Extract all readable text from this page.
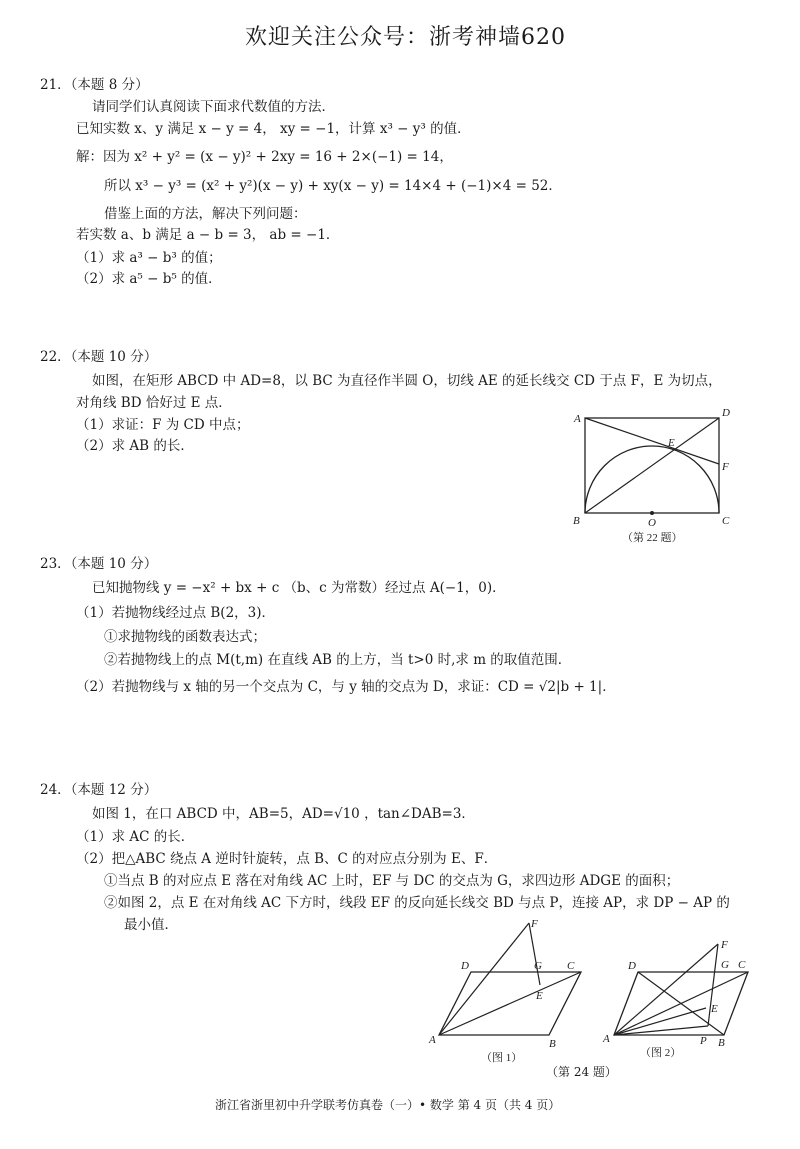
欢迎关注公众号：浙考神墙620
21．（本题 8 分）
请同学们认真阅读下面求代数值的方法．
已知实数 x、y 满足 x − y = 4， xy = −1，计算 x³ − y³ 的值．
解：因为 x² + y² = (x − y)² + 2xy = 16 + 2×(−1) = 14，
所以 x³ − y³ = (x² + y²)(x − y) + xy(x − y) = 14×4 + (−1)×4 = 52．
借鉴上面的方法，解决下列问题：
若实数 a、b 满足 a − b = 3， ab = −1．
（1）求 a³ − b³ 的值；
（2）求 a⁵ − b⁵ 的值．
22．（本题 10 分）
如图，在矩形 ABCD 中 AD=8，以 BC 为直径作半圆 O，切线 AE 的延长线交 CD 于点 F，E 为切点，
对角线 BD 恰好过 E 点．
（1）求证：F 为 CD 中点；
（2）求 AB 的长．
A	D
E
F
B	O	C
（第 22 题）
23．（本题 10 分）
已知抛物线 y = −x² + bx + c （b、c 为常数）经过点 A(−1，0)．
（1）若抛物线经过点 B(2，3)．
①求抛物线的函数表达式；
②若抛物线上的点 M(t,m) 在直线 AB 的上方，当 t>0 时,求 m 的取值范围．
（2）若抛物线与 x 轴的另一个交点为 C，与 y 轴的交点为 D，求证：CD = √2|b + 1|．
24．（本题 12 分）
如图 1，在口 ABCD 中，AB=5，AD=√10 ，tan∠DAB=3．
（1）求 AC 的长．
（2）把△ABC 绕点 A 逆时针旋转，点 B、C 的对应点分别为 E、F．
①当点 B 的对应点 E 落在对角线 AC 上时，EF 与 DC 的交点为 G，求四边形 ADGE 的面积；
②如图 2，点 E 在对角线 AC 下方时，线段 EF 的反向延长线交 BD 与点 P，连接 AP，求 DP − AP 的
最小值．	F
D	G C
E
A	B
（图 1）
F
D	G C
E
A	P B
（图 2）
（第 24 题）
浙江省浙里初中升学联考仿真卷（一）• 数学 第 4 页（共 4 页）
